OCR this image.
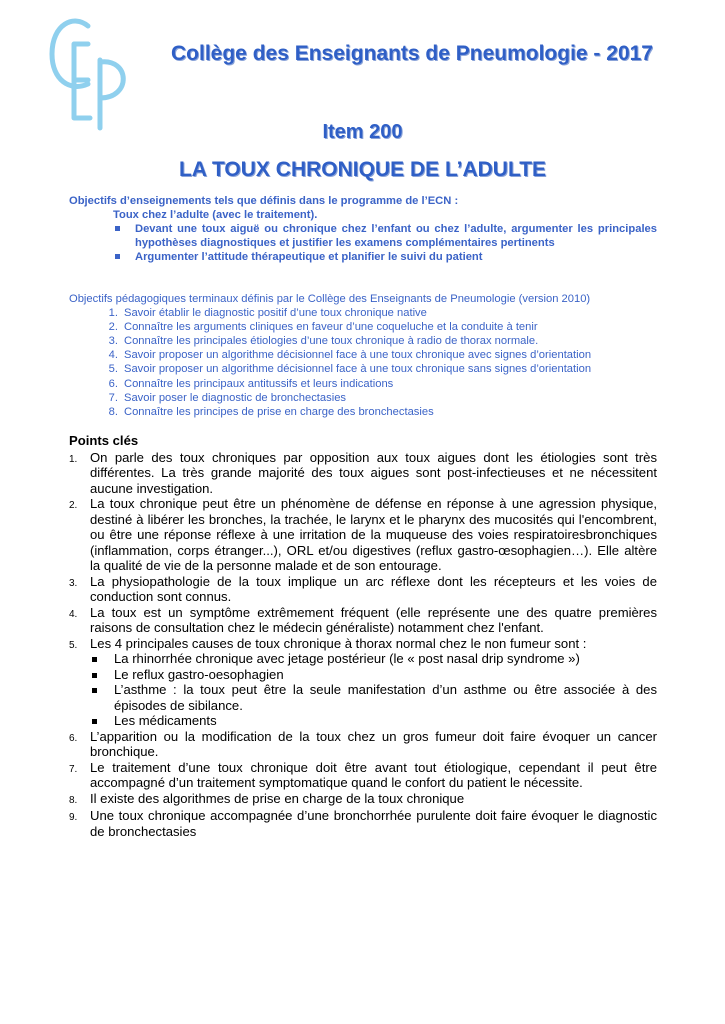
Collège des Enseignants de Pneumologie - 2017
Item 200
LA TOUX CHRONIQUE DE L’ADULTE
Objectifs d’enseignements tels que définis dans le programme de l’ECN :
Toux chez l’adulte (avec le traitement).
Devant une toux aiguë ou chronique chez l’enfant ou chez l’adulte, argumenter les principales hypothèses diagnostiques et justifier les examens complémentaires pertinents
Argumenter l’attitude thérapeutique et planifier le suivi du patient
Objectifs pédagogiques terminaux définis par le Collège des Enseignants de Pneumologie (version 2010)
1. Savoir établir le diagnostic positif d’une toux chronique native
2. Connaître les arguments cliniques en faveur d’une coqueluche et la conduite à tenir
3. Connaître les principales étiologies d’une toux chronique à radio de thorax normale.
4. Savoir proposer un algorithme décisionnel face à une toux chronique avec signes d’orientation
5. Savoir proposer un algorithme décisionnel face à une toux chronique sans signes d’orientation
6. Connaître les principaux antitussifs et leurs indications
7. Savoir poser le diagnostic de bronchectasies
8. Connaître les principes de prise en charge des bronchectasies
Points clés
1. On parle des toux chroniques par opposition aux toux aigues dont les étiologies sont très différentes. La très grande majorité des toux aigues sont post-infectieuses et ne nécessitent aucune investigation.
2. La toux chronique peut être un phénomène de défense en réponse à une agression physique, destiné à libérer les bronches, la trachée, le larynx et le pharynx des mucosités qui l'encombrent, ou être une réponse réflexe à une irritation de la muqueuse des voies respiratoiresbronchiques (inflammation, corps étranger...), ORL et/ou digestives (reflux gastro-œsophagien…). Elle altère la qualité de vie de la personne malade et de son entourage.
3. La physiopathologie de la toux implique un arc réflexe dont les récepteurs et les voies de conduction sont connus.
4. La toux est un symptôme extrêmement fréquent (elle représente une des quatre premières raisons de consultation chez le médecin généraliste) notamment chez l'enfant.
5. Les 4 principales causes de toux chronique à thorax normal chez le non fumeur sont :
La rhinorrhée chronique avec jetage postérieur (le « post nasal drip syndrome »)
Le reflux gastro-oesophagien
L’asthme : la toux peut être la seule manifestation d’un asthme ou être associée à des épisodes de sibilance.
Les médicaments
6. L’apparition ou la modification de la toux chez un gros fumeur doit faire évoquer un cancer bronchique.
7. Le traitement d’une toux chronique doit être avant tout étiologique, cependant il peut être accompagné d’un traitement symptomatique quand le confort du patient le nécessite.
8. Il existe des algorithmes de prise en charge de la toux chronique
9. Une toux chronique accompagnée d’une bronchorrhée purulente doit faire évoquer le diagnostic de bronchectasies
